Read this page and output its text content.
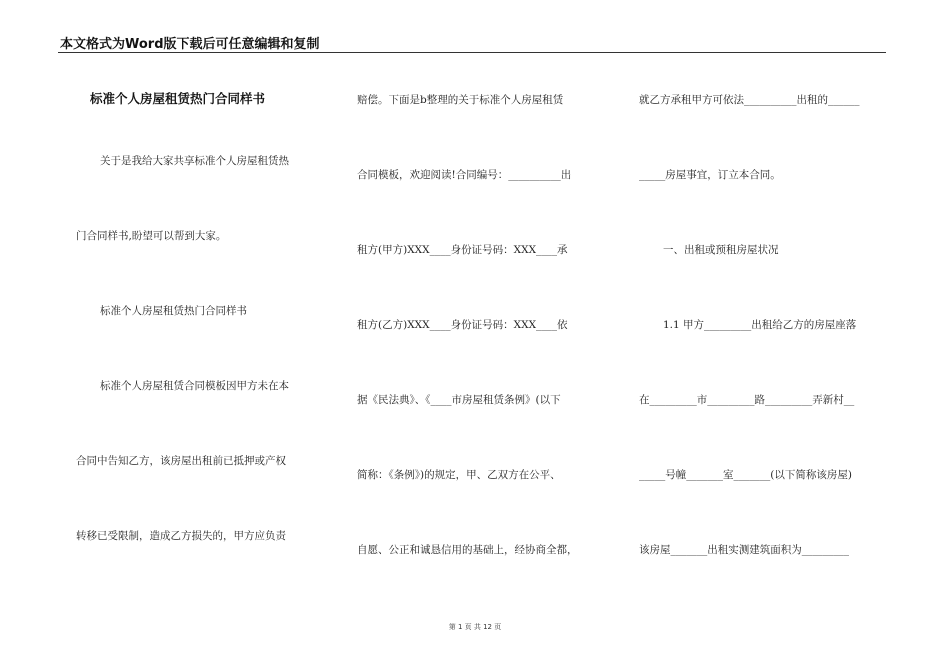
本文格式为Word版下载后可任意编辑和复制
标准个人房屋租赁热门合同样书
关于是我给大家共享标准个人房屋租赁热
门合同样书,盼望可以帮到大家。
标准个人房屋租赁热门合同样书
标准个人房屋租赁合同模板因甲方未在本
合同中告知乙方，该房屋出租前已抵押或产权
转移已受限制，造成乙方损失的，甲方应负责
赔偿。下面是b整理的关于标准个人房屋租赁
合同模板，欢迎阅读!合同编号：__________出
租方(甲方)XXX____身份证号码：XXX____承
租方(乙方)XXX____身份证号码：XXX____依
据《民法典》、《____市房屋租赁条例》(以下
简称：《条例》)的规定，甲、乙双方在公平、
自愿、公正和诚恳信用的基础上，经协商全都，
就乙方承租甲方可依法__________出租的______
_____房屋事宜，订立本合同。
一、出租或预租房屋状况
1.1 甲方_________出租给乙方的房屋座落
在_________市_________路_________弄新村__
_____号幢_______室_______(以下简称该房屋)
该房屋_______出租实测建筑面积为_________
第 1 页 共 12 页
